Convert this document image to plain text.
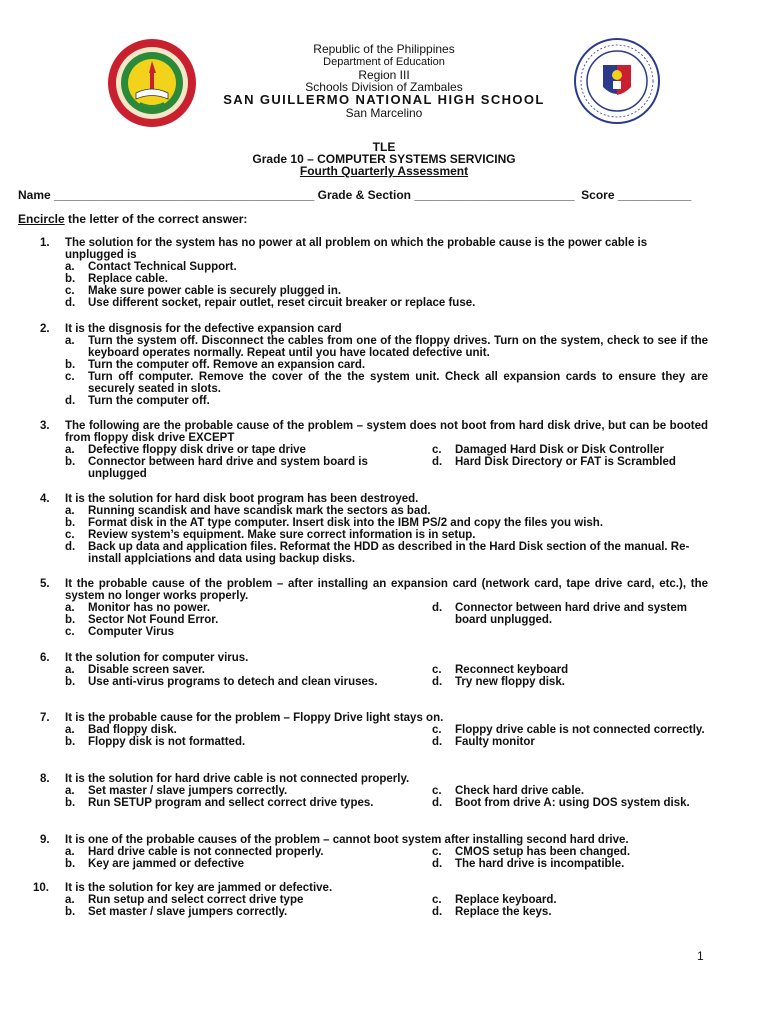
Republic of the Philippines
Department of Education
Region III
Schools Division of Zambales
SAN GUILLERMO NATIONAL HIGH SCHOOL
San Marcelino
TLE
Grade 10 – COMPUTER SYSTEMS SERVICING
Fourth Quarterly Assessment
Name _______________________________________ Grade & Section ________________________  Score ___________
Encircle the letter of the correct answer:
1. The solution for the system has no power at all problem on which the probable cause is the power cable is unplugged is
a.	Contact Technical Support.
b.	Replace cable.
c.	Make sure power cable is securely plugged in.
d.	Use different socket, repair outlet, reset circuit breaker or replace fuse.
2. It is the disgnosis for the defective expansion card
a.	Turn the system off. Disconnect the cables from one of the floppy drives. Turn on the system, check to see if the keyboard operates normally. Repeat until you have located defective unit.
b.	Turn the computer off. Remove an expansion card.
c.	Turn off computer. Remove the cover of the the system unit. Check all expansion cards to ensure they are securely seated in slots.
d.	Turn the computer off.
3. The following are the probable cause of the problem – system does not boot from hard disk drive, but can be booted from floppy disk drive EXCEPT
a.	Defective floppy disk drive or tape drive
b.	Connector between hard drive and system board is unplugged
c.	Damaged Hard Disk or Disk Controller
d.	Hard Disk Directory or FAT is Scrambled
4. It is the solution for hard disk boot program has been destroyed.
a.	Running scandisk and have scandisk mark the sectors as bad.
b.	Format disk in the AT type computer. Insert disk into the IBM PS/2 and copy the files you wish.
c.	Review system’s equipment. Make sure correct information is in setup.
d.	Back up data and application files. Reformat the HDD as described in the Hard Disk section of the manual. Re-install applciations and data using backup disks.
5. It the probable cause of the problem – after installing an expansion card (network card, tape drive card, etc.), the system no longer works properly.
a.	Monitor has no power.
b.	Sector Not Found Error.
c.	Computer Virus
d.	Connector between hard drive and system board unplugged.
6. It the solution for computer virus.
a.	Disable screen saver.
b.	Use anti-virus programs to detech and clean viruses.
c.	Reconnect keyboard
d.	Try new floppy disk.
7. It is the probable cause for the problem – Floppy Drive light stays on.
a.	Bad floppy disk.
b.	Floppy disk is not formatted.
c.	Floppy drive cable is not connected correctly.
d.	Faulty monitor
8. It is the solution for hard drive cable is not connected properly.
a.	Set master / slave jumpers correctly.
b.	Run SETUP program and sellect correct drive types.
c.	Check hard drive cable.
d.	Boot from drive A: using DOS system disk.
9. It is one of the probable causes of the problem – cannot boot system after installing second hard drive.
a.	Hard drive cable is not connected properly.
b.	Key are jammed or defective
c.	CMOS setup has been changed.
d.	The hard drive is incompatible.
10. It is the solution for key are jammed or defective.
a.	Run setup and select correct drive type
b.	Set master / slave jumpers correctly.
c.	Replace keyboard.
d.	Replace the keys.
1
